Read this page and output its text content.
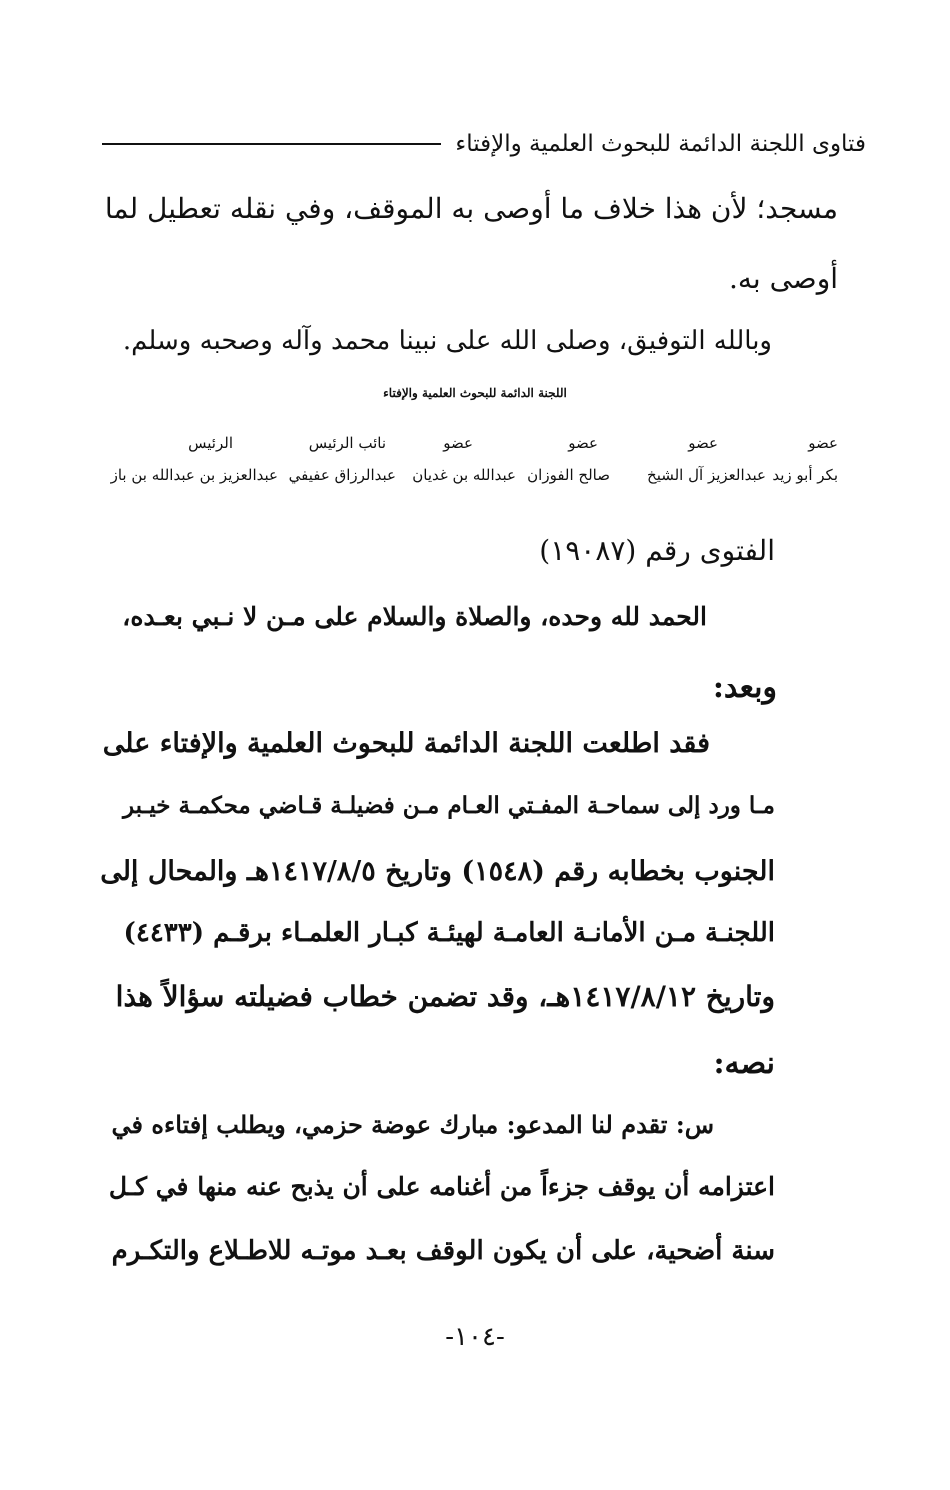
فتاوى اللجنة الدائمة للبحوث العلمية والإفتاء
مسجد؛ لأن هذا خلاف ما أوصى به الموقف، وفي نقله تعطيل لما
أوصى به.
وبالله التوفيق، وصلى الله على نبينا محمد وآله وصحبه وسلم.
اللجنة الدائمة للبحوث العلمية والإفتاء
عضو
عضو
عضو
عضو
نائب الرئيس
الرئيس
بكر أبو زيد
عبدالعزيز آل الشيخ
صالح الفوزان
عبدالله بن غديان
عبدالرزاق عفيفي
عبدالعزيز بن عبدالله بن باز
الفتوى رقم (١٩٠٨٧)
الحمد لله وحده، والصلاة والسلام على مـن لا نـبي بعـده،
وبعد:
فقد اطلعت اللجنة الدائمة للبحوث العلمية والإفتاء على
مـا ورد إلى سماحـة المفـتي العـام مـن فضيلـة قـاضي محكمـة خيـبر
الجنوب بخطابه رقم (١٥٤٨) وتاريخ ١٤١٧/٨/٥هـ والمحال إلى
اللجنـة مـن الأمانـة العامـة لهيئـة كبـار العلمـاء برقـم (٤٤٣٣)
وتاريخ ١٤١٧/٨/١٢هـ، وقد تضمن خطاب فضيلته سؤالاً هذا
نصه:
س: تقدم لنا المدعو: مبارك عوضة حزمي، ويطلب إفتاءه في
اعتزامه أن يوقف جزءاً من أغنامه على أن يذبح عنه منها في كـل
سنة أضحية، على أن يكون الوقف بعـد موتـه للاطـلاع والتكـرم
-١٠٤-
